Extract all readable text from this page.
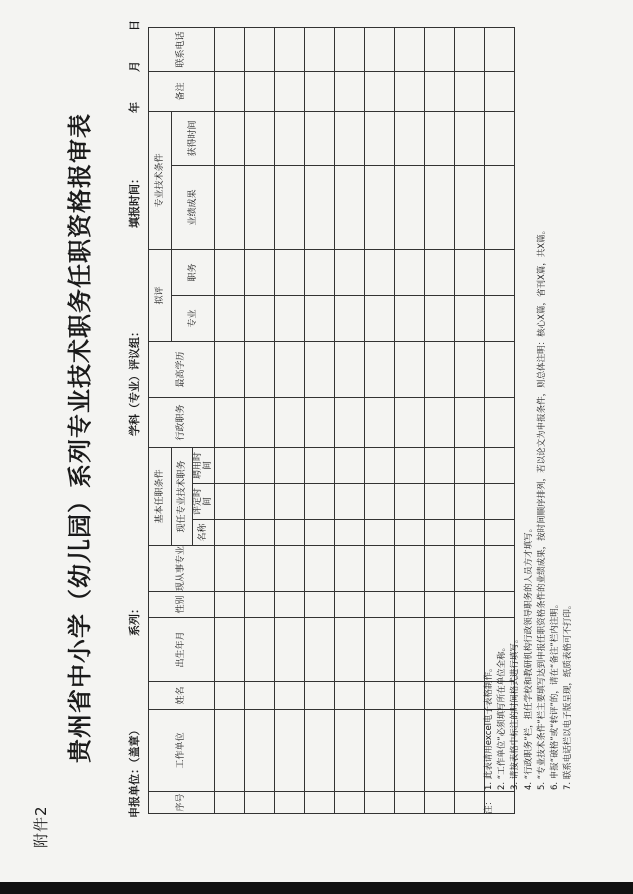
附件2
贵州省中小学（幼儿园）系列专业技术职务任职资格报审表
申报单位：（盖章）
系列：
学科（专业）评议组：
填报时间：年月日
序号	工作单位	姓名	出生年月	性别	现从事专业	基本任职条件			行政职务	最高学历	拟评		专业技术条件		备注	联系电话
						现任专业技术职务					专业	职务	业绩成果	获得时间		
						名称	评定时间	聘用时间								

注：1. 此表请用excel电子表格制作。 2. “工作单位”必须填写所在单位全称。 3. 请按表格中标注的时间格式进行填写。 4. “行政职务”栏，担任学校和教研机构行政领导职务的人员方才填写。 5. “专业技术条件”栏主要填写达到申报任职资格条件的业绩成果，按时间顺序排列，若以论文为申报条件，则总体注明：核心X篇，省刊X篇，共X篇。 6. 申报“破格”或“转评”的，请在“备注”栏内注明。 7. 联系电话栏以电子版呈现，纸质表格可不打印。
